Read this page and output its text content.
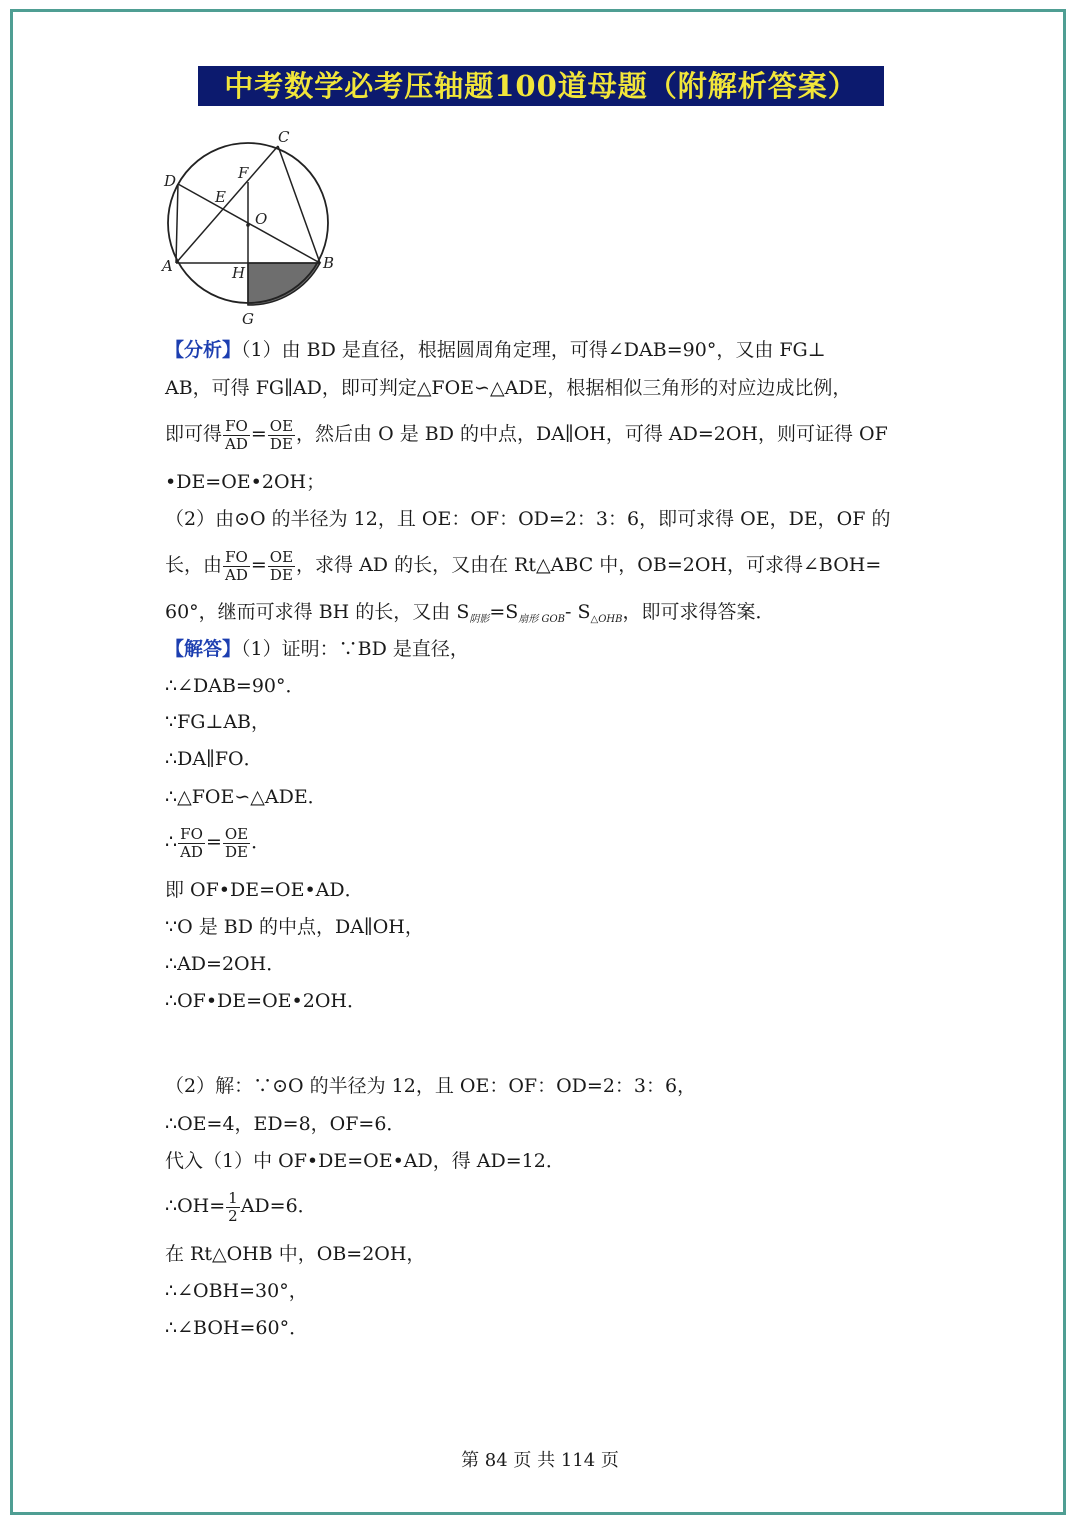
中考数学必考压轴题100道母题（附解析答案）
C
D	F
E
O
A	H
B
G
【分析】（1）由 BD 是直径，根据圆周角定理，可得∠DAB=90°，又由 FG⊥
AB，可得 FG∥AD，即可判定△FOE∽△ADE，根据相似三角形的对应边成比例，
即可得 $\frac{FO}{AD} = \frac{OE}{DE}$ ，然后由 O 是 BD 的中点，DA∥OH，可得 AD=2OH，则可证得 OF
•DE=OE•2OH；
（2）由⊙O 的半径为 12，且 OE：OF：OD=2：3：6，即可求得 OE，DE，OF 的
长，由 $\frac{FO}{AD} = \frac{OE}{DE}$ ，求得 AD 的长，又由在 Rt△ABC 中，OB=2OH，可求得∠BOH=
60°，继而可求得 BH 的长，又由 $S_{阴影}=S_{扇形 GOB}-$ $S_{\triangle OHB}$，即可求得答案．
【解答】（1）证明：∵BD 是直径，
∴∠DAB=90°．
∵FG⊥AB，
∴DA∥FO．
∴△FOE∽△ADE．
∴ $\frac{FO}{AD} = \frac{OE}{DE}$ ．
即 OF•DE=OE•AD．
∵O 是 BD 的中点，DA∥OH，
∴AD=2OH．
∴OF•DE=OE•2OH．
（2）解：∵⊙O 的半径为 12，且 OE：OF：OD=2：3：6，
∴OE=4，ED=8，OF=6．
代入（1）中 OF•DE=OE•AD，得 AD=12．
∴OH= $\frac{1}{2} AD=6$．
在 Rt△OHB 中，OB=2OH，
∴∠OBH=30°，
∴∠BOH=60°．
第 84 页 共 114 页
